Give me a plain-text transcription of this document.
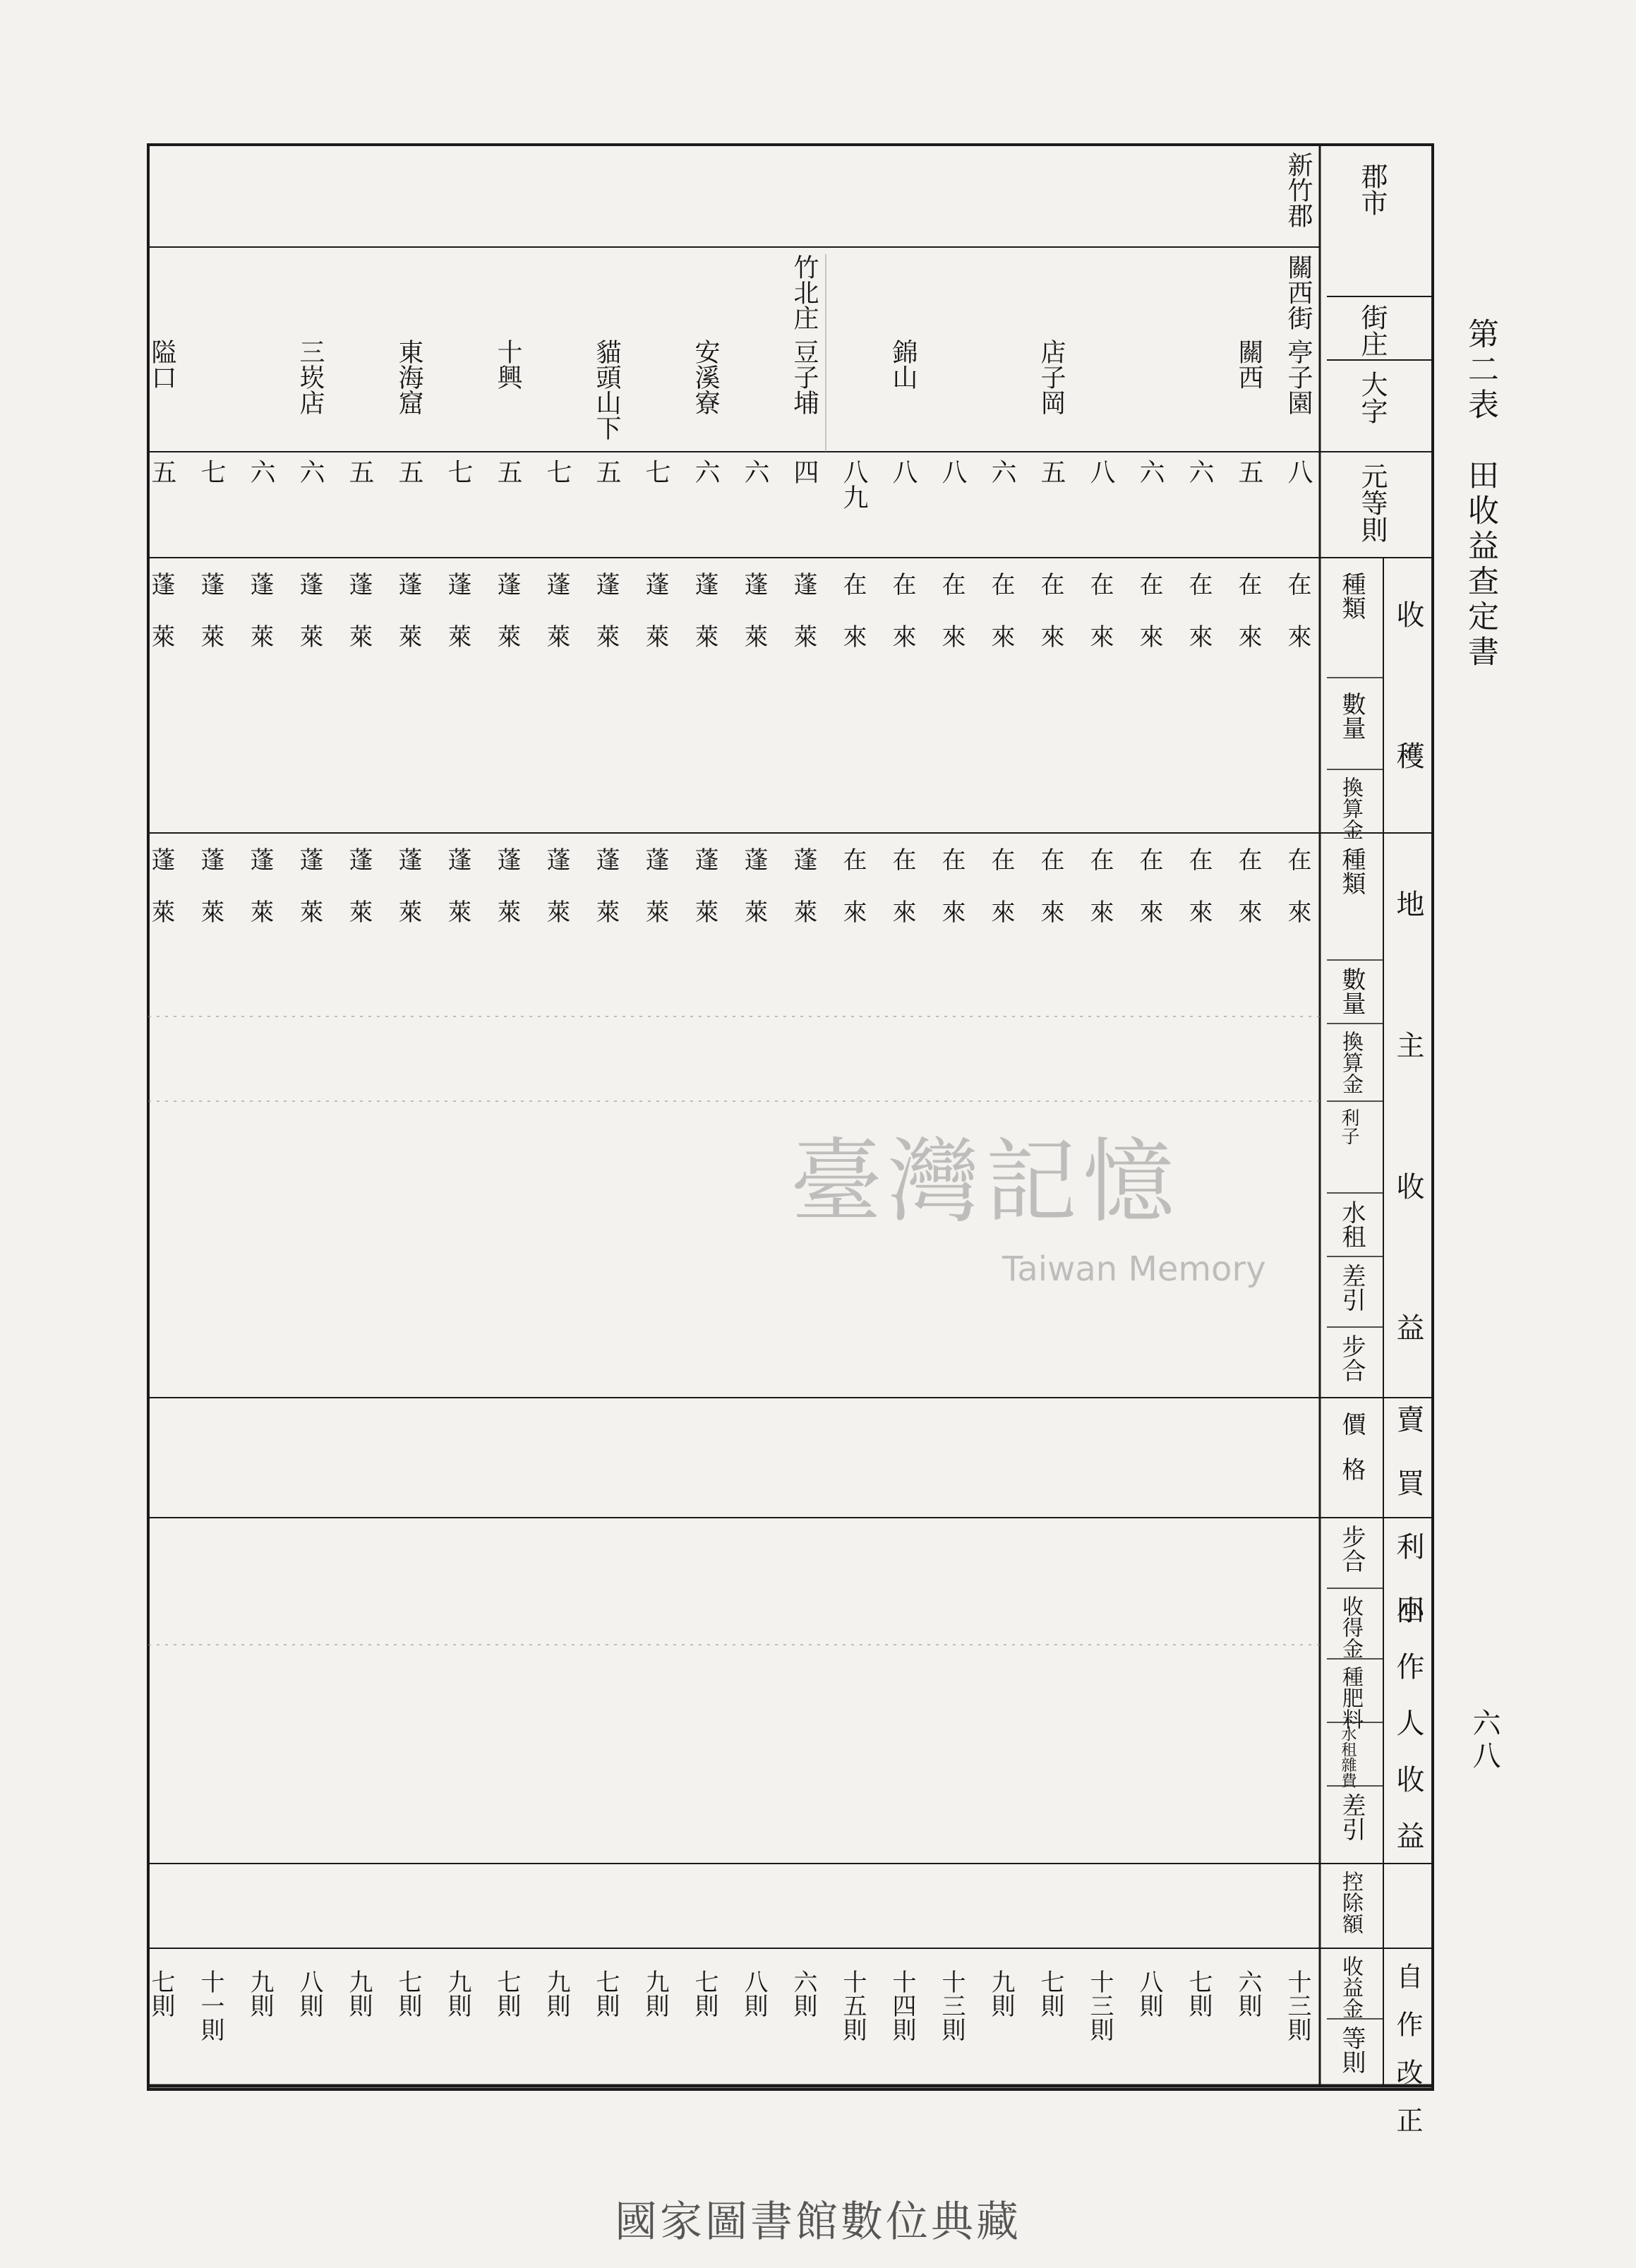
郡市
街庄
大字
元等則 第二表　田收益查定書
六八
收穫
地主收益
賣買利回
小作人收益
自作改正
種類
數量
換算金
種類
數量
換算金
利子
水租
差引
步合
價格
步合
收得金
種肥料
水租雜費
差引
控除額
收益金
等則
新竹郡
關西街
亭子園
八
十三則
在來
在來
關西
五
六則
在來
在來
六
七則
在來
在來
六
八則
在來
在來
八
十三則
在來
在來
店子岡
五
七則
在來
在來
六
九則
在來
在來
八
十三則
在來
在來
錦山
八
十四則
在來
在來
八九
十五則
在來
在來
竹北庄
豆子埔
四
六則
蓬萊
蓬萊
六
八則
蓬萊
蓬萊
安溪寮
六
七則
蓬萊
蓬萊
七
九則
蓬萊
蓬萊
貓頭山下
五
七則
蓬萊
蓬萊
七
九則
蓬萊
蓬萊
十興
五
七則
蓬萊
蓬萊
七
九則
蓬萊
蓬萊
東海窟
五
七則
蓬萊
蓬萊
五
九則
蓬萊
蓬萊
三崁店
六
八則
蓬萊
蓬萊
六
九則
蓬萊
蓬萊
七
十一則
蓬萊
蓬萊
隘口
五
七則
蓬萊
蓬萊
臺灣記憶
Taiwan Memory
國家圖書館數位典藏
